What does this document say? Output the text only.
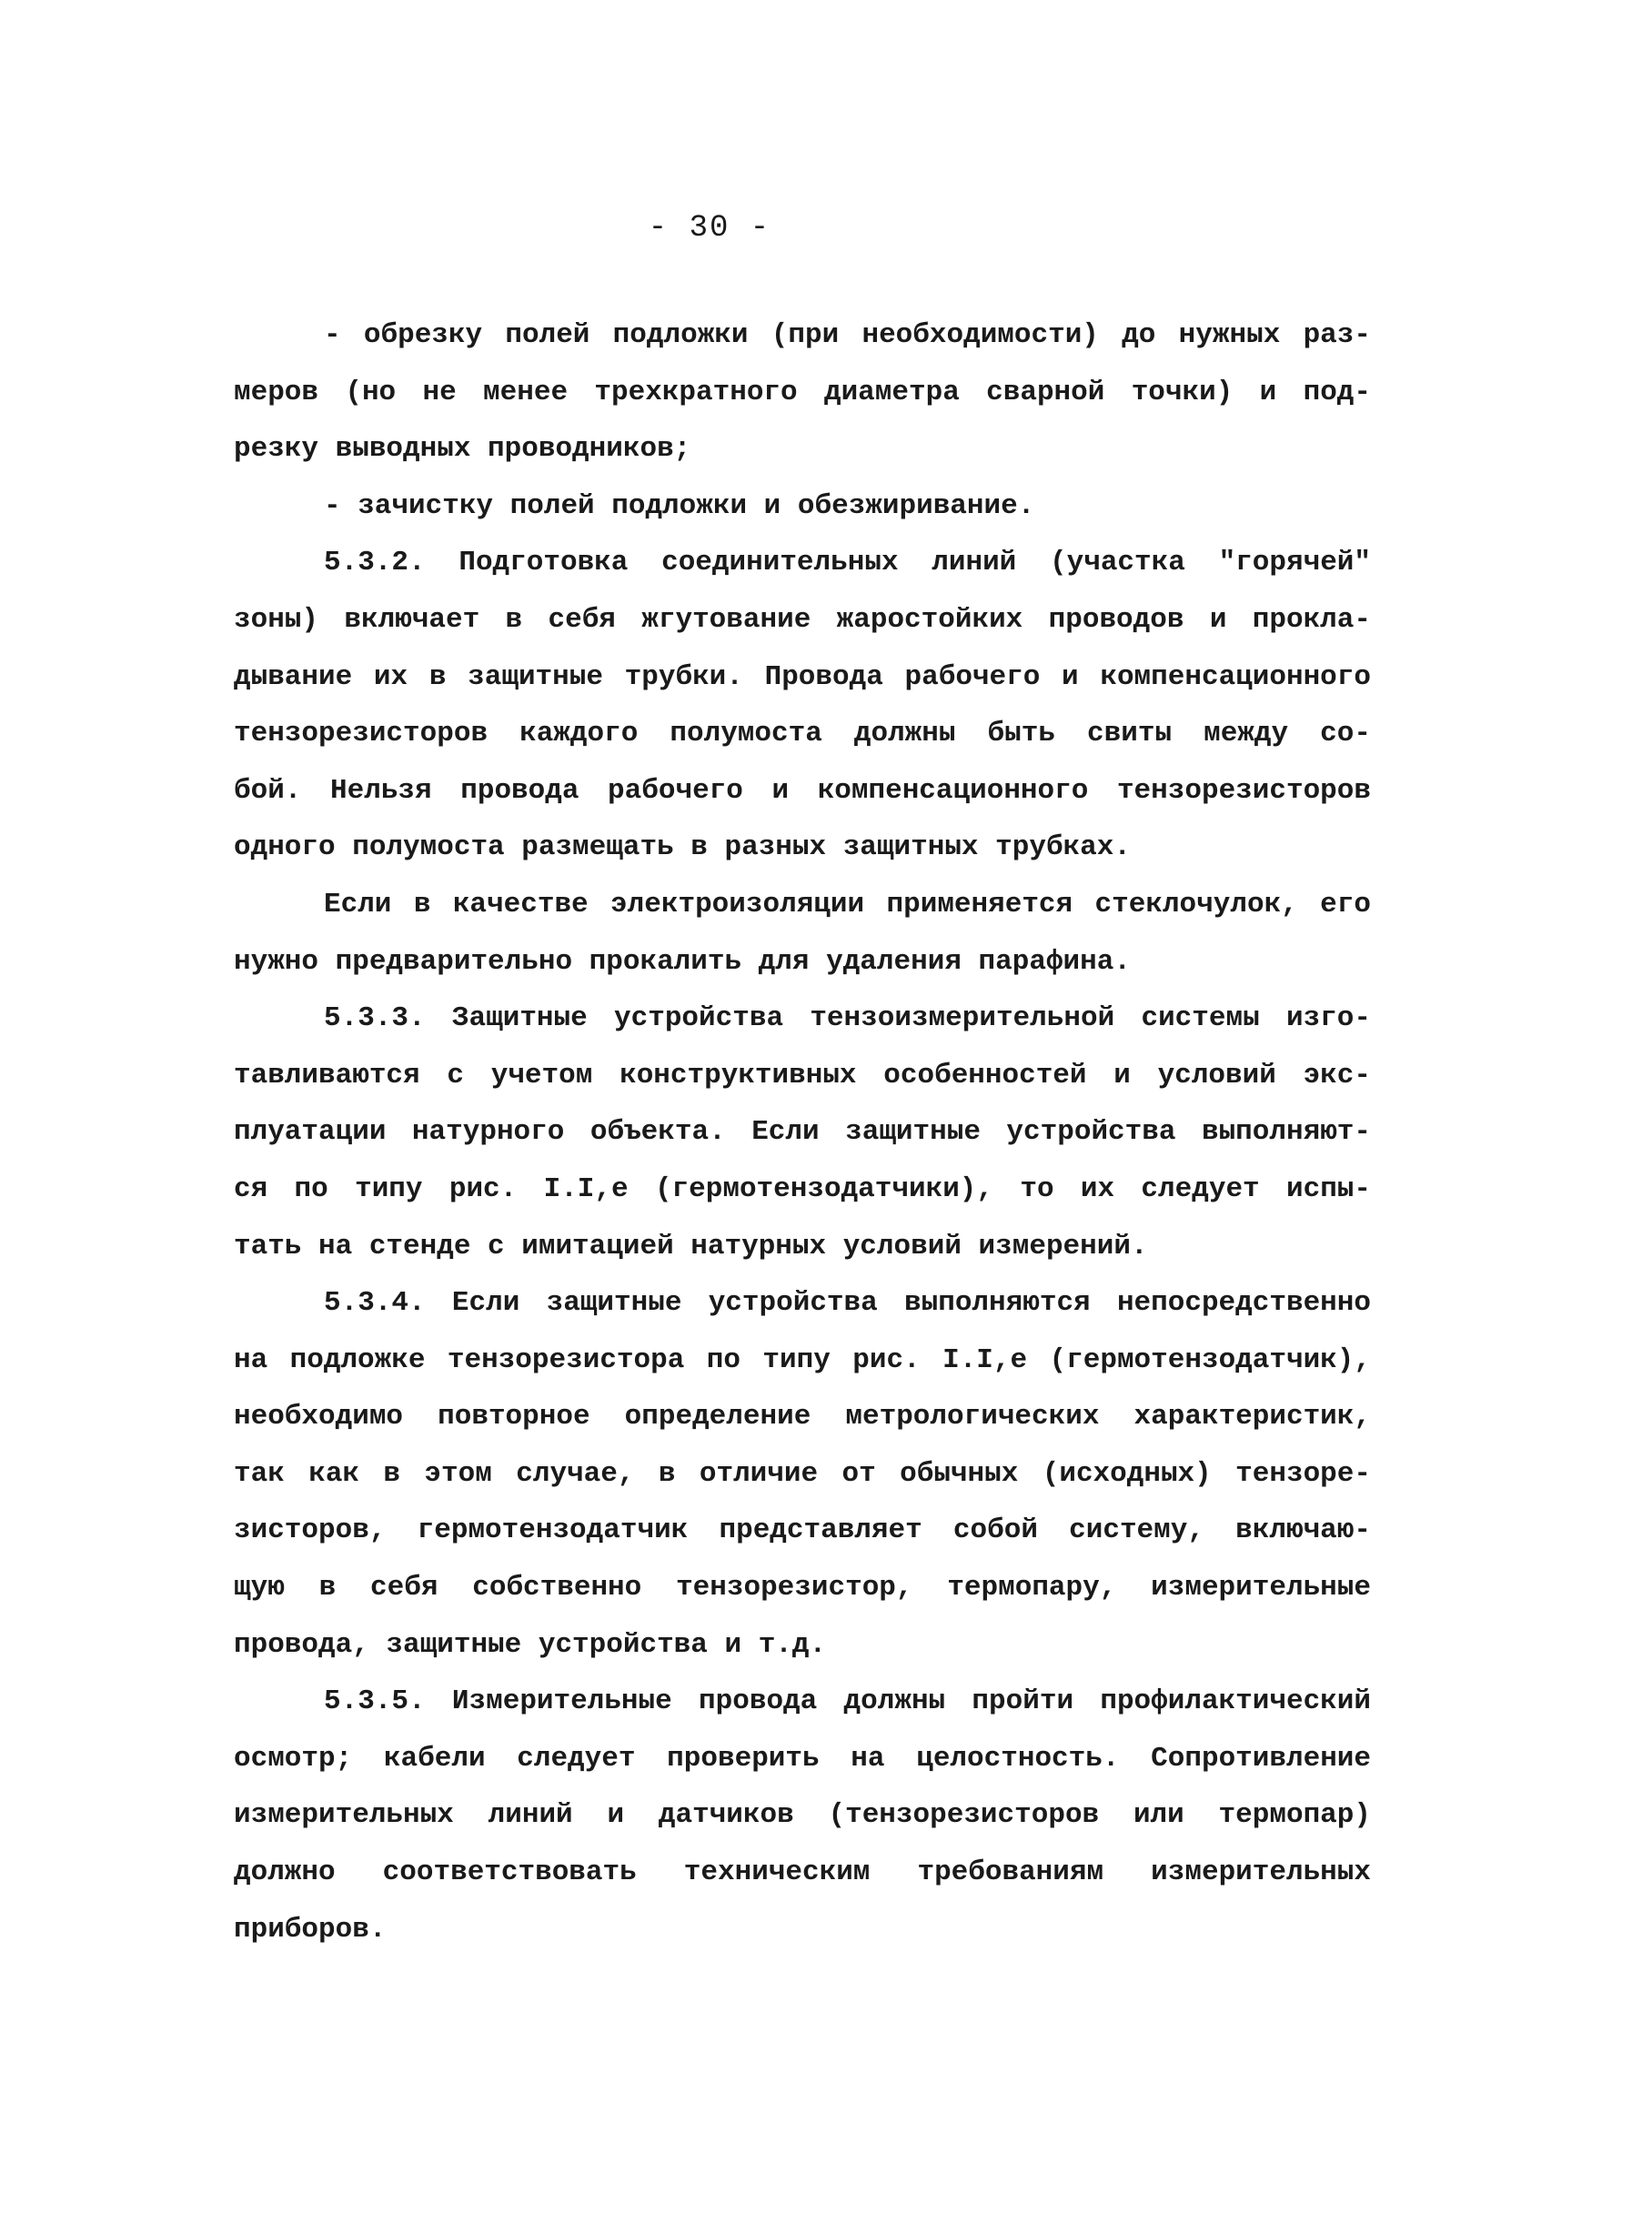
- 30 -
- обрезку полей подложки (при необходимости) до нужных раз-
меров (но не менее трехкратного диаметра сварной точки) и под-
резку выводных проводников;
- зачистку полей подложки и обезжиривание.
5.3.2. Подготовка соединительных линий (участка "горячей"
зоны) включает в себя жгутование жаростойких проводов и прокла-
дывание их в защитные трубки. Провода рабочего и компенсационного
тензорезисторов каждого полумоста должны быть свиты между со-
бой. Нельзя провода рабочего и компенсационного тензорезисторов
одного полумоста размещать в разных защитных трубках.
Если в качестве электроизоляции применяется стеклочулок, его
нужно предварительно прокалить для удаления парафина.
5.3.3. Защитные устройства тензоизмерительной системы изго-
тавливаются с учетом конструктивных особенностей и условий экс-
плуатации натурного объекта. Если защитные устройства выполняют-
ся по типу рис. I.I,е (гермотензодатчики), то их следует испы-
тать на стенде с имитацией натурных условий измерений.
5.3.4. Если защитные устройства выполняются непосредственно
на подложке тензорезистора по типу рис. I.I,е (гермотензодатчик),
необходимо повторное определение метрологических характеристик,
так как в этом случае, в отличие от обычных (исходных) тензоре-
зисторов, гермотензодатчик представляет собой систему, включаю-
щую в себя собственно тензорезистор, термопару, измерительные
провода, защитные устройства и т.д.
5.3.5. Измерительные провода должны пройти профилактический
осмотр; кабели следует проверить на целостность. Сопротивление
измерительных линий и датчиков (тензорезисторов или термопар)
должно соответствовать техническим требованиям измерительных
приборов.
